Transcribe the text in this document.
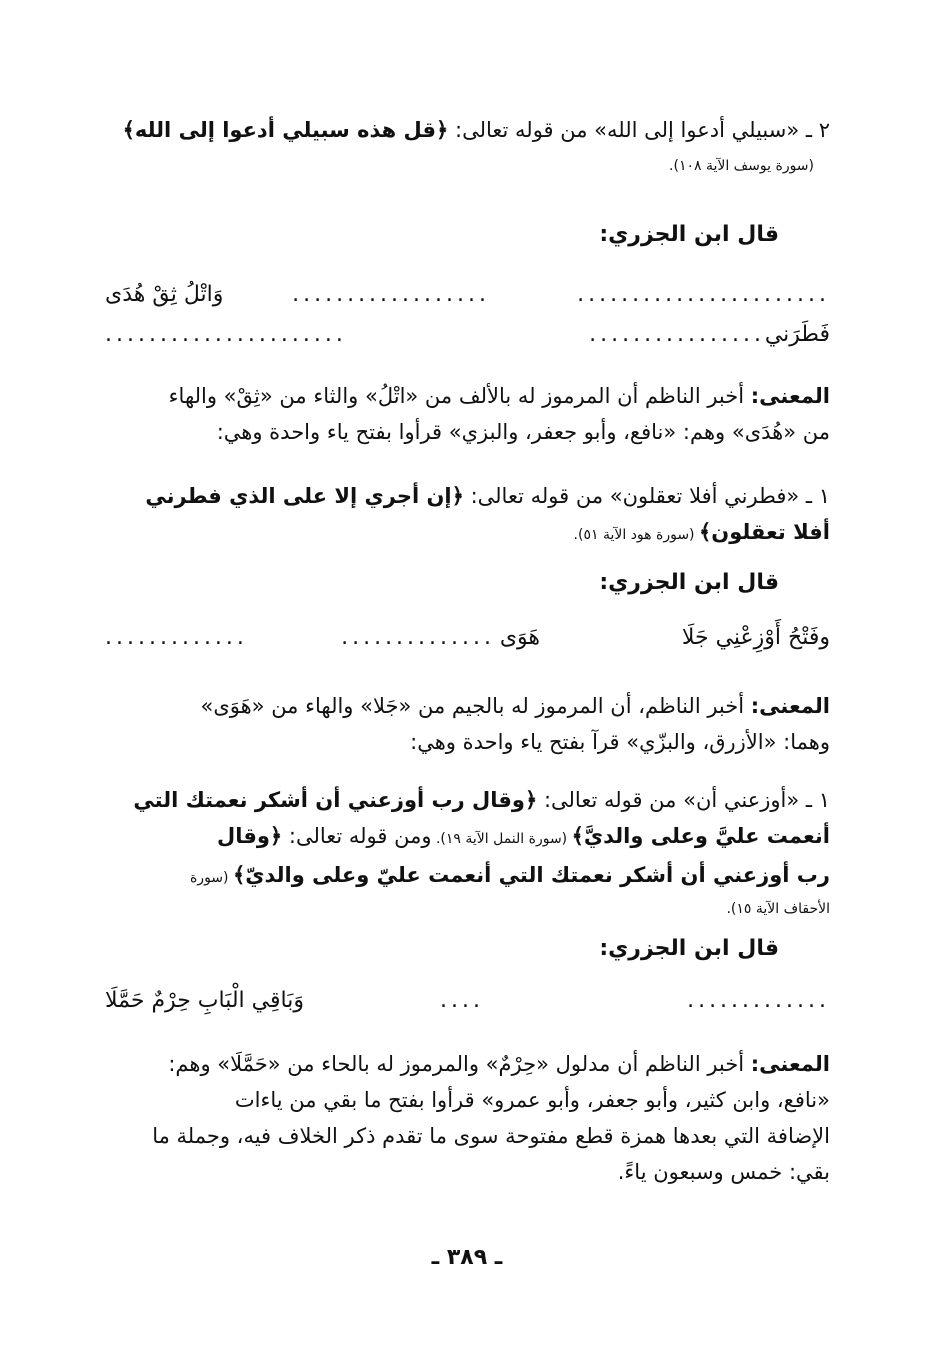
٢ ـ «سبيلي أدعوا إلى الله» من قوله تعالى: ﴿قل هذه سبيلي أدعوا إلى الله﴾
(سورة يوسف الآية ١٠٨).
قال ابن الجزري:
.......................
..................
وَاتْلُ ثِقْ هُدَى
فَطَرَني
................
......................
المعنى: أخبر الناظم أن المرموز له بالألف من «اتْلُ» والثاء من «ثِقْ» والهاء
من «هُدَى» وهم: «نافع، وأبو جعفر، والبزي» قرأوا بفتح ياء واحدة وهي:
١ ـ «فطرني أفلا تعقلون» من قوله تعالى: ﴿إن أجري إلا على الذي فطرني
أفلا تعقلون﴾ (سورة هود الآية ٥١).
قال ابن الجزري:
وفَتْحُ أَوْزِعْنِي جَلَا
هَوَى
..............
.............
المعنى: أخبر الناظم، أن المرموز له بالجيم من «جَلا» والهاء من «هَوَى»
وهما: «الأزرق، والبزّي» قرآ بفتح ياء واحدة وهي:
١ ـ «أوزعني أن» من قوله تعالى: ﴿وقال رب أوزعني أن أشكر نعمتك التي
أنعمت عليَّ وعلى والديَّ﴾ (سورة النمل الآية ١٩). ومن قوله تعالى: ﴿وقال
رب أوزعني أن أشكر نعمتك التي أنعمت عليّ وعلى والديّ﴾ (سورة
الأحقاف الآية ١٥).
قال ابن الجزري:
وَبَاقِي الْبَابِ حِرْمٌ حَمَّلَا	....	.............
المعنى: أخبر الناظم أن مدلول «حِرْمٌ» والمرموز له بالحاء من «حَمَّلَا» وهم:
«نافع، وابن كثير، وأبو جعفر، وأبو عمرو» قرأوا بفتح ما بقي من ياءات
الإضافة التي بعدها همزة قطع مفتوحة سوى ما تقدم ذكر الخلاف فيه، وجملة ما
بقي: خمس وسبعون ياءً.
ـ ٣٨٩ ـ
